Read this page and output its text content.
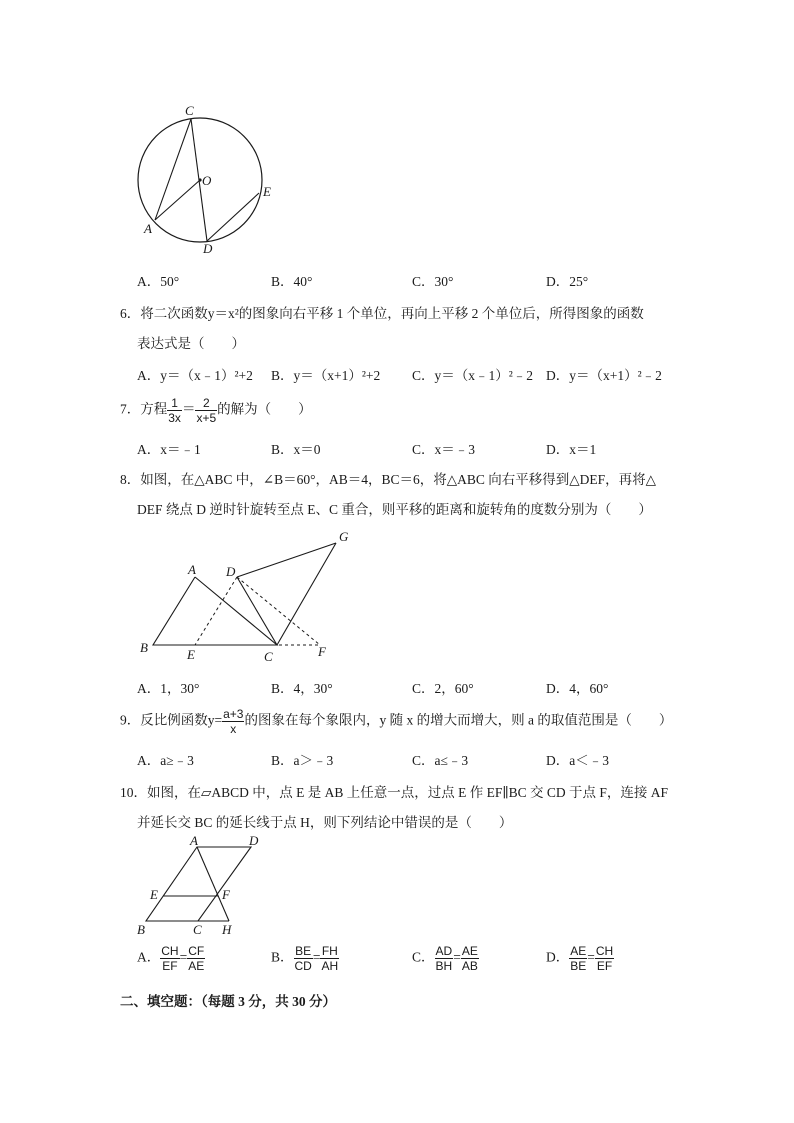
C
O
E
A
D
A．50°	B．40°	C．30°	D．25°
6．将二次函数y＝x²的图象向右平移 1 个单位，再向上平移 2 个单位后，所得图象的函数
表达式是（　　）
A．y＝（x﹣1）²+2 B．y＝（x+1）²+2 C．y＝（x﹣1）²﹣2 D．y＝（x+1）²﹣2
7．方程 $\frac{1}{3x} = \frac{2}{x+5}$ 的解为（　　）
A．x＝﹣1	B．x＝0	C．x＝﹣3	D．x＝1
8．如图，在△ABC 中，∠B＝60°，AB＝4，BC＝6，将△ABC 向右平移得到△DEF，再将△
DEF 绕点 D 逆时针旋转至点 E、C 重合，则平移的距离和旋转角的度数分别为（　　）
A
B
C
D
E	F
G
A．1，30°	B．4，30°	C．2，60°	D．4，60°
9．反比例函数$y= \frac{a+3}{x}$ 的图象在每个象限内，y 随 x 的增大而增大，则 a 的取值范围是（　　）
A．a≥﹣3	B．a＞﹣3	C．a≤﹣3	D．a＜﹣3
10．如图，在▱ABCD 中，点 E 是 AB 上任意一点，过点 E 作 EF∥BC 交 CD 于点 F，连接 AF
并延长交 BC 的延长线于点 H，则下列结论中错误的是（　　）
A	D
E	F
B	C H
A． $\frac{CH}{EF} = \frac{CF}{AE}$	B． $\frac{BE}{CD} = \frac{FH}{AH}$	C． $\frac{AD}{BH} = \frac{AE}{AB}$	D． $\frac{AE}{BE} = \frac{CH}{EF}$
二、填空题：（每题 3 分，共 30 分）
